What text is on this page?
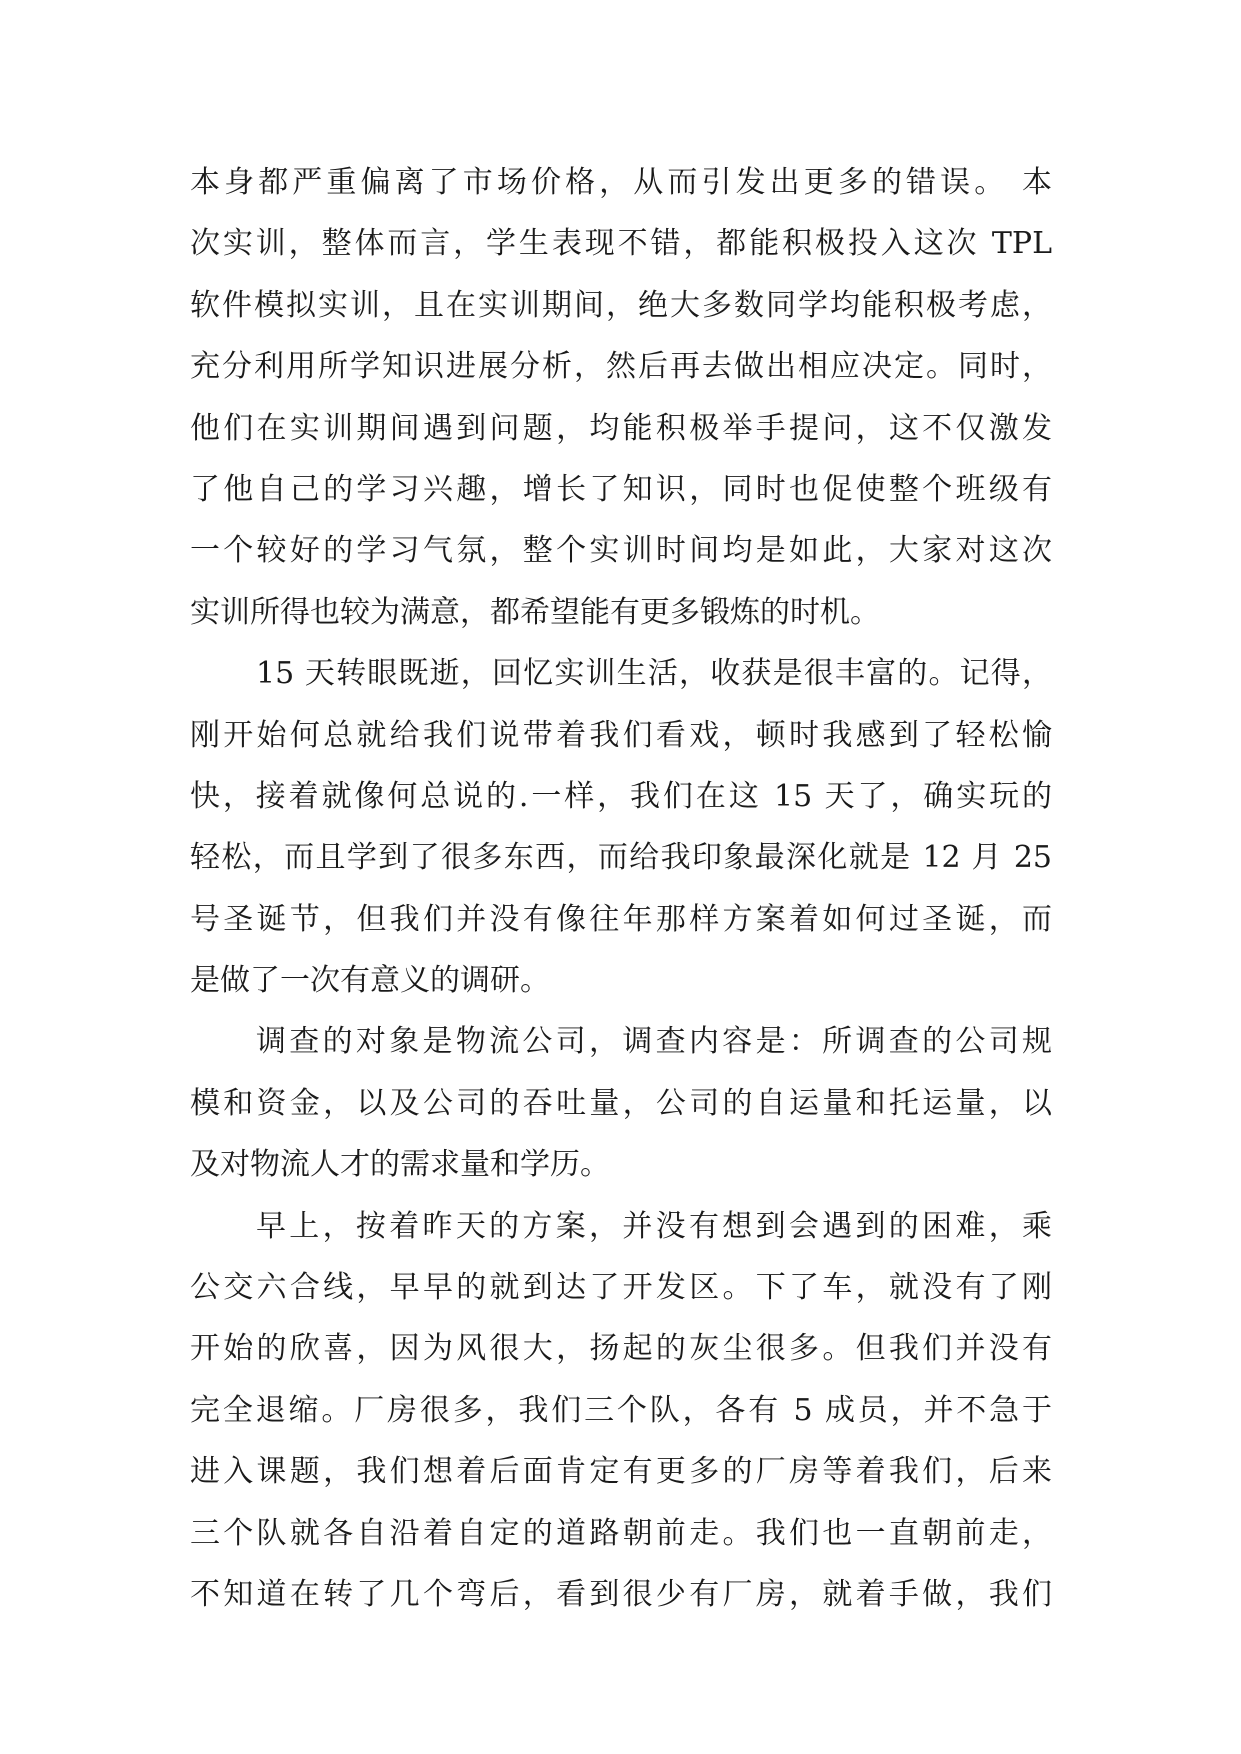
本身都严重偏离了市场价格，从而引发出更多的错误。 本
次实训，整体而言，学生表现不错，都能积极投入这次 TPL
软件模拟实训，且在实训期间，绝大多数同学均能积极考虑，
充分利用所学知识进展分析，然后再去做出相应决定。同时，
他们在实训期间遇到问题，均能积极举手提问，这不仅激发
了他自己的学习兴趣，增长了知识，同时也促使整个班级有
一个较好的学习气氛，整个实训时间均是如此，大家对这次
实训所得也较为满意，都希望能有更多锻炼的时机。
15 天转眼既逝，回忆实训生活，收获是很丰富的。记得，
刚开始何总就给我们说带着我们看戏，顿时我感到了轻松愉
快，接着就像何总说的.一样，我们在这 15 天了，确实玩的
轻松，而且学到了很多东西，而给我印象最深化就是 12 月 25
号圣诞节，但我们并没有像往年那样方案着如何过圣诞，而
是做了一次有意义的调研。
调查的对象是物流公司，调查内容是：所调查的公司规
模和资金，以及公司的吞吐量，公司的自运量和托运量，以
及对物流人才的需求量和学历。
早上，按着昨天的方案，并没有想到会遇到的困难，乘
公交六合线，早早的就到达了开发区。下了车，就没有了刚
开始的欣喜，因为风很大，扬起的灰尘很多。但我们并没有
完全退缩。厂房很多，我们三个队，各有 5 成员，并不急于
进入课题，我们想着后面肯定有更多的厂房等着我们，后来
三个队就各自沿着自定的道路朝前走。我们也一直朝前走，
不知道在转了几个弯后，看到很少有厂房，就着手做，我们
